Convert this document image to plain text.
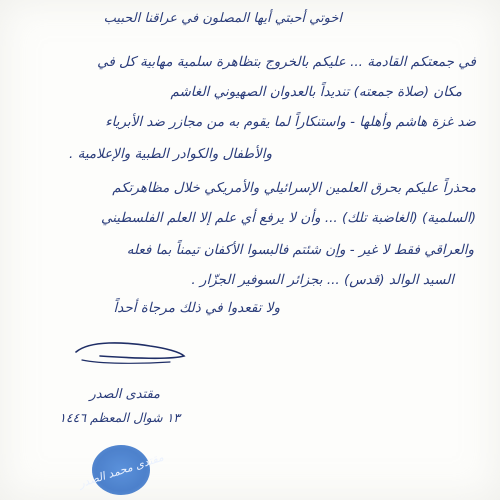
اخوتي أحبتي أيها المصلون في عراقنا الحبيب
في جمعتكم القادمة ... عليكم بالخروج بتظاهرة سلمية مهابية كل في
مكان (صلاة جمعته) تنديداً بالعدوان الصهيوني الغاشم
ضد غزة هاشم وأهلها - واستنكاراً لما يقوم به من مجازر ضد الأبرياء
والأطفال والكوادر الطبية والإعلامية .
محذراً عليكم بحرق العلمين الإسرائيلي والأمريكي خلال مظاهرتكم
(السلمية) (الغاضبة تلك) ... وأن لا يرفع أي علم إلا العلم الفلسطيني
والعراقي فقط لا غير - وإن شئتم فالبسوا الأكفان تيمناً بما فعله
السيد الوالد (قدس) ... بجزائر السوفير الجزّار .
ولا تقعدوا في ذلك مرجاة أحداً
مقتدى الصدر
١٣ شوال المعظم ١٤٤٦
مقتدى محمد الصدر
